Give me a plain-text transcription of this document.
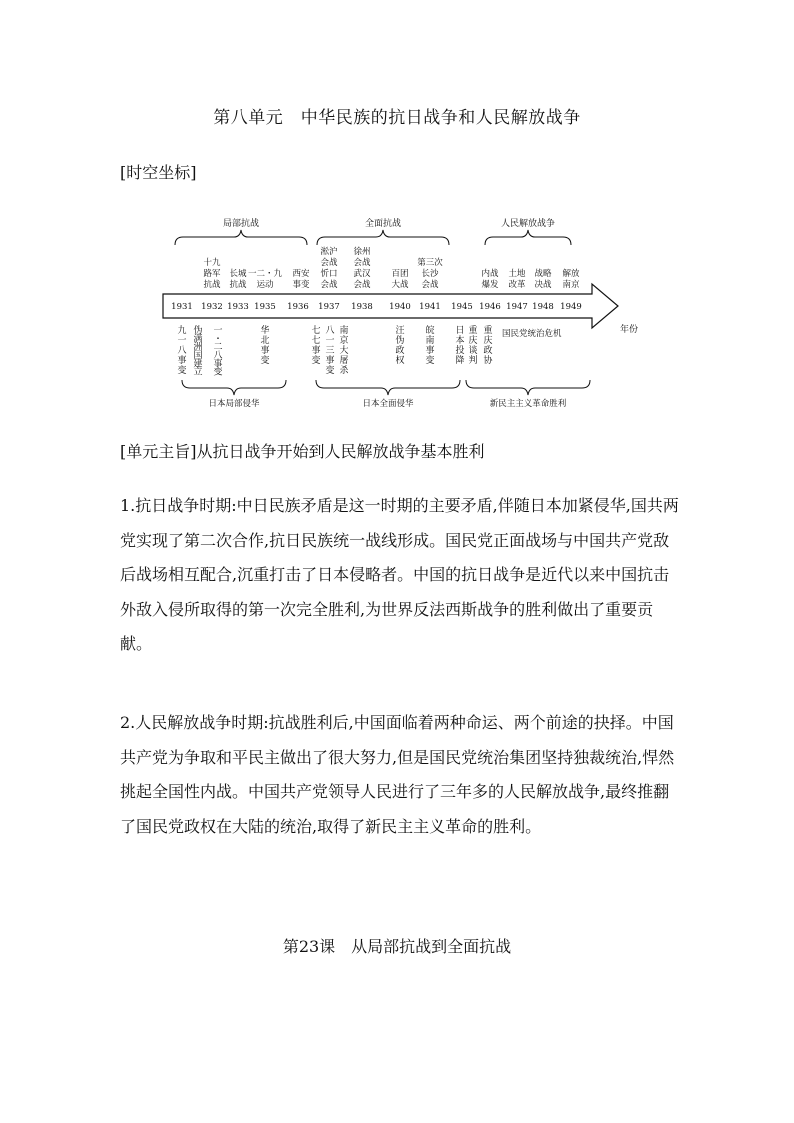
第八单元　中华民族的抗日战争和人民解放战争
[时空坐标]
局部抗战	全面抗战	人民解放战争
十九路军抗战
长城抗战
一二・九运动
西安事变
淞沪会战忻口会战
徐州会战武汉会战
百团大战
第三次长沙会战
内战爆发
土地改革
战略决战
解放南京
1931 1932 1933 1935 1936 1937 1938 1940 1941 1945 1946 1947 1948 1949
年份
九一八事变
伪满洲国建立
一・二八事变
华北事变
七七事变
八一三事变
南京大屠杀
汪伪政权
皖南事变
日本投降
重庆谈判
重庆政协
国民党统治危机
日本局部侵华	日本全面侵华	新民主主义革命胜利
[单元主旨]从抗日战争开始到人民解放战争基本胜利

1.抗日战争时期:中日民族矛盾是这一时期的主要矛盾,伴随日本加紧侵华,国共两党实现了第二次合作,抗日民族统一战线形成。国民党正面战场与中国共产党敌后战场相互配合,沉重打击了日本侵略者。中国的抗日战争是近代以来中国抗击外敌入侵所取得的第一次完全胜利,为世界反法西斯战争的胜利做出了重要贡献。

2.人民解放战争时期:抗战胜利后,中国面临着两种命运、两个前途的抉择。中国共产党为争取和平民主做出了很大努力,但是国民党统治集团坚持独裁统治,悍然挑起全国性内战。中国共产党领导人民进行了三年多的人民解放战争,最终推翻了国民党政权在大陆的统治,取得了新民主主义革命的胜利。

第23课　从局部抗战到全面抗战
